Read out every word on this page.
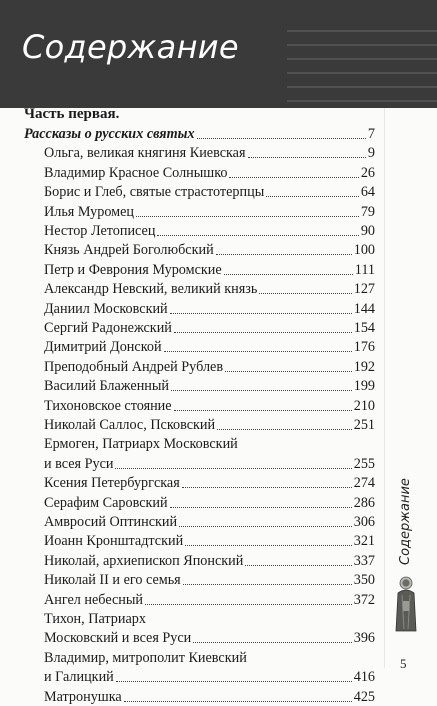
Содержание
Часть первая.
Рассказы о русских святых	7
Ольга, великая княгиня Киевская	9
Владимир Красное Солнышко	26
Борис и Глеб, святые страстотерпцы	64
Илья Муромец	79
Нестор Летописец	90
Князь Андрей Боголюбский	100
Петр и Феврония Муромские	111
Александр Невский, великий князь	127
Даниил Московский	144
Сергий Радонежский	154
Димитрий Донской	176
Преподобный Андрей Рублев	192
Василий Блаженный	199
Тихоновское стояние	210
Николай Саллос, Псковский	251
Ермоген, Патриарх Московский
и всея Руси	255
Ксения Петербургская	274
Серафим Саровский	286
Амвросий Оптинский	306
Иоанн Кронштадтский	321
Николай, архиепископ Японский	337
Николай II и его семья	350
Ангел небесный	372
Тихон, Патриарх
Московский и всея Руси	396
Владимир, митрополит Киевский
и Галицкий	416
Матронушка	425
Содержание
5
